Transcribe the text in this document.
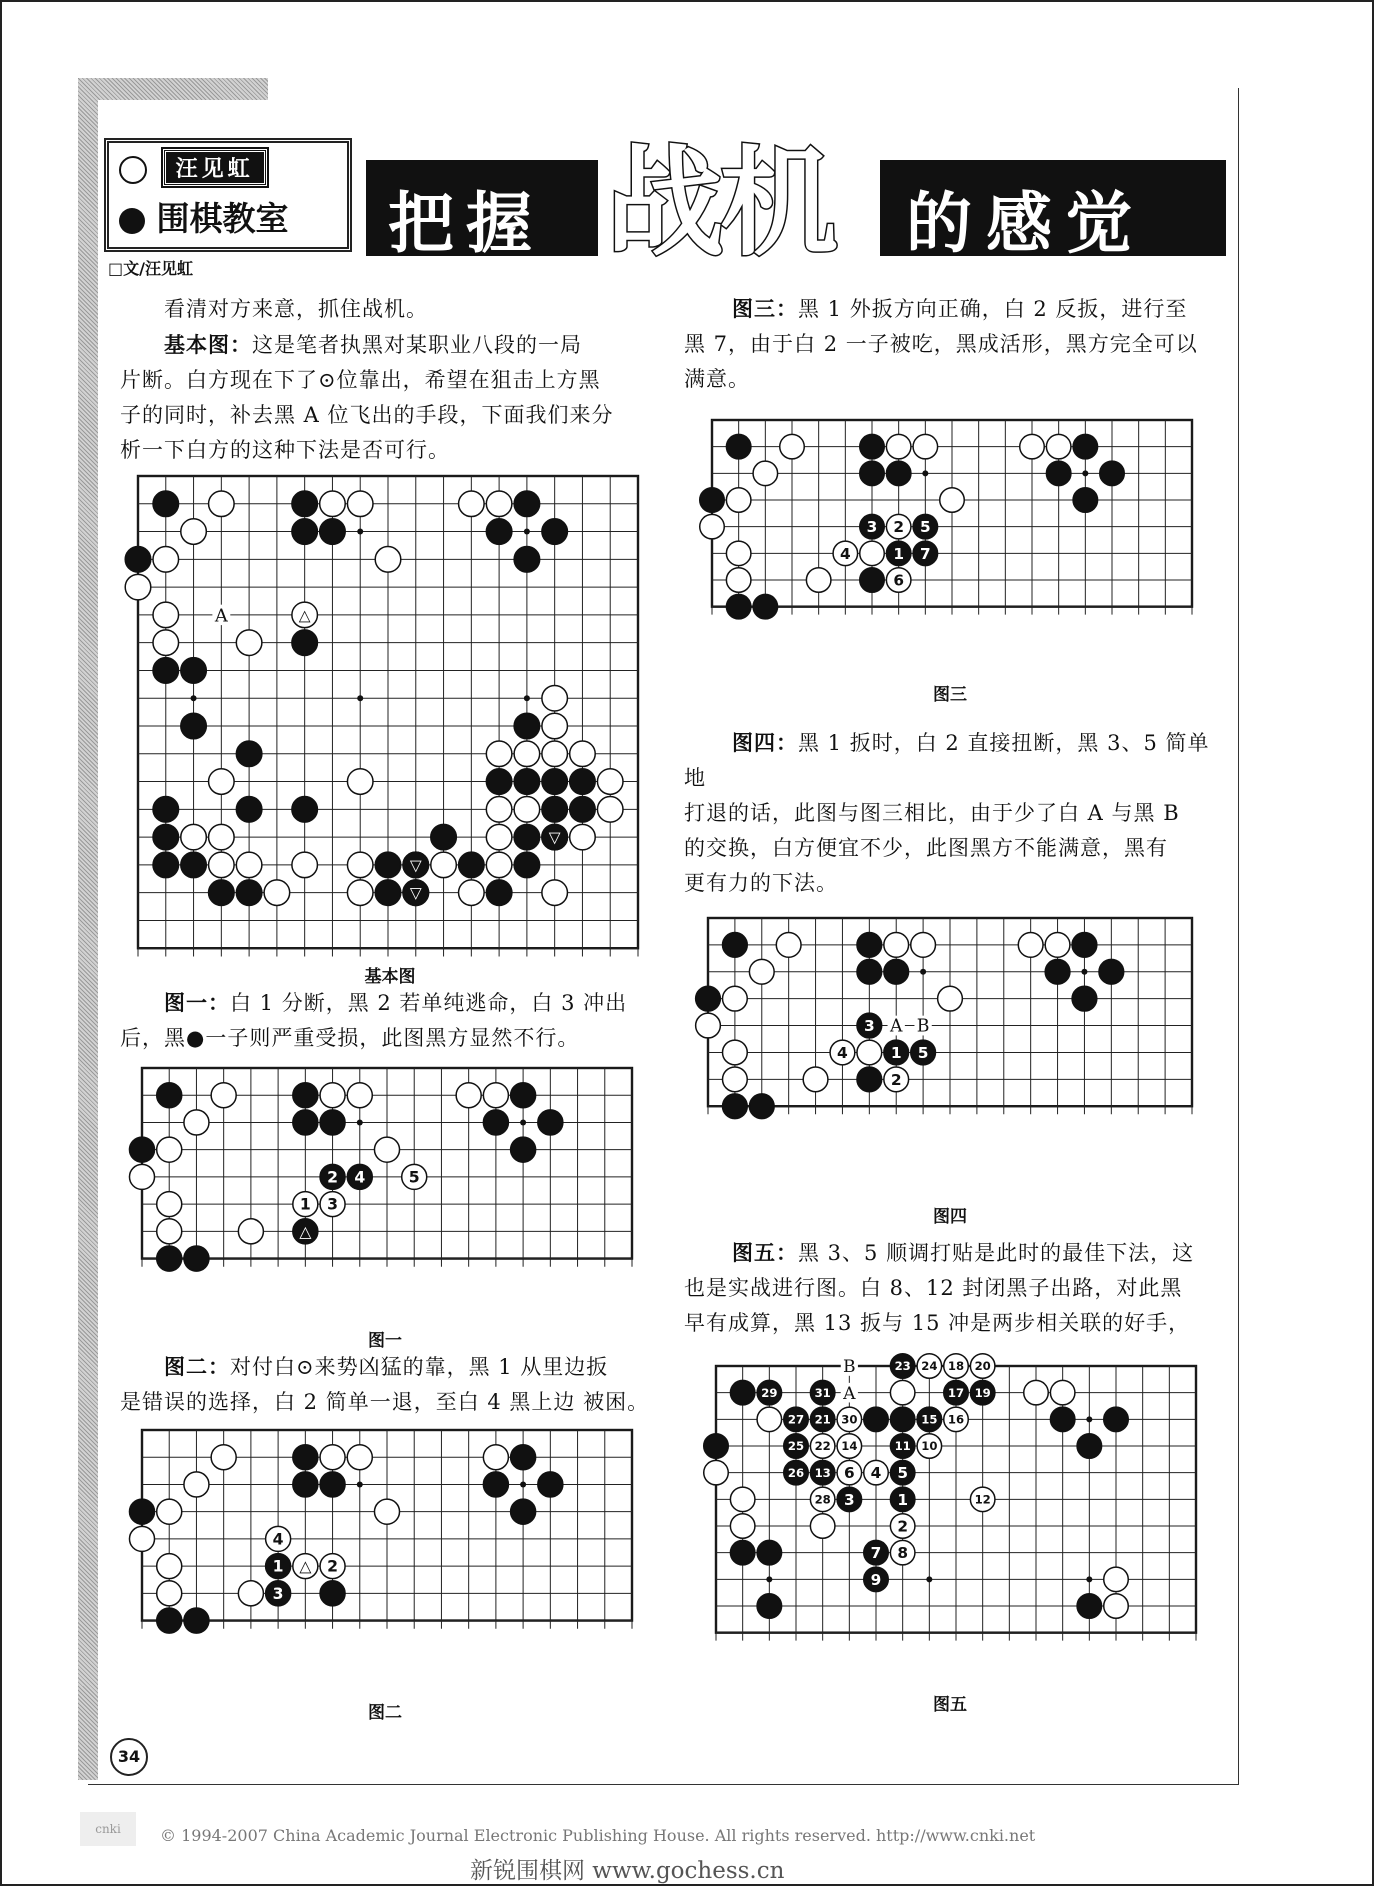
汪见虹
围棋教室
□文/汪见虹
把握 战机 的感觉
看清对方来意，抓住战机。
基本图：这是笔者执黑对某职业八段的一局
片断。白方现在下了⊙位靠出，希望在狙击上方黑
子的同时，补去黑 A 位飞出的手段，下面我们来分
析一下白方的这种下法是否可行。
△
▽
▽
▽
A
基本图
图一：白 1 分断，黑 2 若单纯逃命，白 3 冲出
后，黑●一子则严重受损，此图黑方显然不行。
2 4	5
1 3
△
图一
图二：对付白⊙来势凶猛的靠，黑 1 从里边扳
是错误的选择，白 2 简单一退，至白 4 黑上边 被困。
4
1 △ 2
3
图二
图三：黑 1 外扳方向正确，白 2 反扳，进行至
黑 7，由于白 2 一子被吃，黑成活形，黑方完全可以
满意。
3 2 5
4	1 7
6
图三
图四：黑 1 扳时，白 2 直接扭断，黑 3、5 简单地
打退的话，此图与图三相比，由于少了白 A 与黑 B
的交换，白方便宜不少，此图黑方不能满意，黑有
更有力的下法。
3
4	1 5
2
A B
图四
图五：黑 3、5 顺调打贴是此时的最佳下法，这
也是实战进行图。白 8、12 封闭黑子出路，对此黑
早有成算，黑 13 扳与 15 冲是两步相关联的好手，
23 24 18 20
29	31	17 19
27 21 30	15 16
25 22 14	11 10
26 13 6 4 5
28 3	1	12
2
7 8
9
B
A
图五
34
cnki	© 1994-2007 China Academic Journal Electronic Publishing House. All rights reserved. http://www.cnki.net
新锐围棋网 www.gochess.cn
